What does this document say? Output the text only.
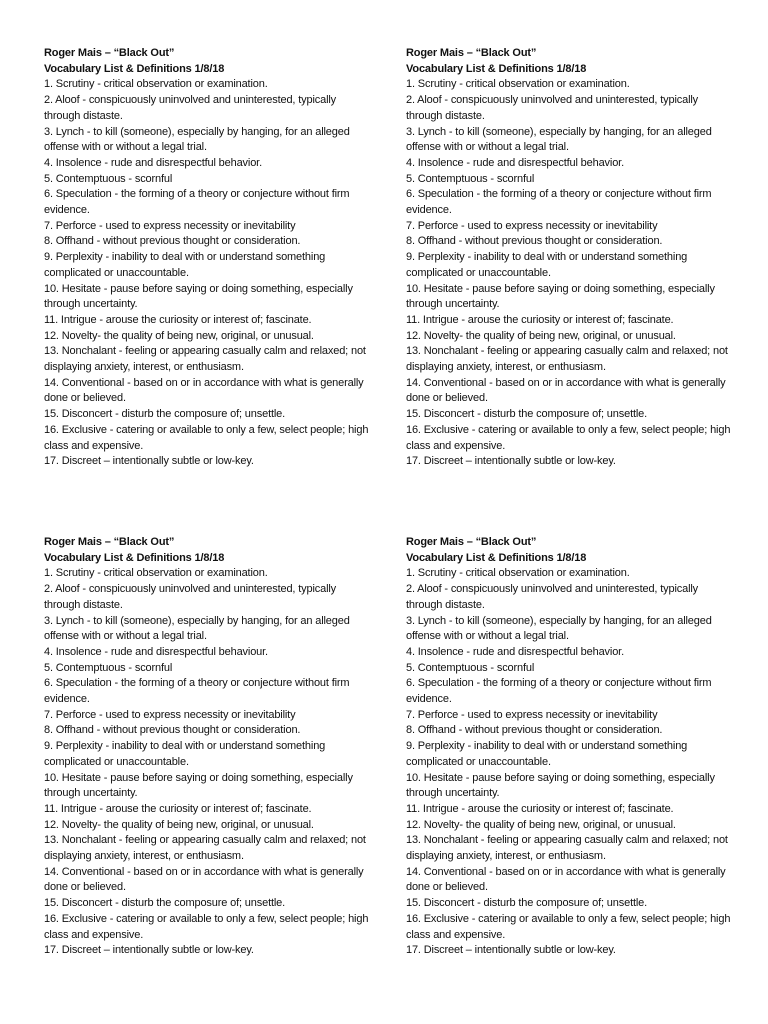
Roger Mais – “Black Out”
Vocabulary List & Definitions 1/8/18
1. Scrutiny - critical observation or examination.
2. Aloof - conspicuously uninvolved and uninterested, typically through distaste.
3. Lynch - to kill (someone), especially by hanging, for an alleged offense with or without a legal trial.
4. Insolence - rude and disrespectful behavior.
5. Contemptuous - scornful
6. Speculation - the forming of a theory or conjecture without firm evidence.
7. Perforce - used to express necessity or inevitability
8. Offhand - without previous thought or consideration.
9. Perplexity - inability to deal with or understand something complicated or unaccountable.
10. Hesitate - pause before saying or doing something, especially through uncertainty.
11. Intrigue - arouse the curiosity or interest of; fascinate.
12. Novelty- the quality of being new, original, or unusual.
13. Nonchalant - feeling or appearing casually calm and relaxed; not displaying anxiety, interest, or enthusiasm.
14. Conventional - based on or in accordance with what is generally done or believed.
15. Disconcert - disturb the composure of; unsettle.
16. Exclusive - catering or available to only a few, select people; high class and expensive.
17. Discreet – intentionally subtle or low-key.
Roger Mais – “Black Out”
Vocabulary List & Definitions 1/8/18
1. Scrutiny - critical observation or examination.
2. Aloof - conspicuously uninvolved and uninterested, typically through distaste.
3. Lynch - to kill (someone), especially by hanging, for an alleged offense with or without a legal trial.
4. Insolence - rude and disrespectful behavior.
5. Contemptuous - scornful
6. Speculation - the forming of a theory or conjecture without firm evidence.
7. Perforce - used to express necessity or inevitability
8. Offhand - without previous thought or consideration.
9. Perplexity - inability to deal with or understand something complicated or unaccountable.
10. Hesitate - pause before saying or doing something, especially through uncertainty.
11. Intrigue - arouse the curiosity or interest of; fascinate.
12. Novelty- the quality of being new, original, or unusual.
13. Nonchalant - feeling or appearing casually calm and relaxed; not displaying anxiety, interest, or enthusiasm.
14. Conventional - based on or in accordance with what is generally done or believed.
15. Disconcert - disturb the composure of; unsettle.
16. Exclusive - catering or available to only a few, select people; high class and expensive.
17. Discreet – intentionally subtle or low-key.
Roger Mais – “Black Out”
Vocabulary List & Definitions 1/8/18
1. Scrutiny - critical observation or examination.
2. Aloof - conspicuously uninvolved and uninterested, typically through distaste.
3. Lynch - to kill (someone), especially by hanging, for an alleged offense with or without a legal trial.
4. Insolence - rude and disrespectful behaviour.
5. Contemptuous - scornful
6. Speculation - the forming of a theory or conjecture without firm evidence.
7. Perforce - used to express necessity or inevitability
8. Offhand - without previous thought or consideration.
9. Perplexity - inability to deal with or understand something complicated or unaccountable.
10. Hesitate - pause before saying or doing something, especially through uncertainty.
11. Intrigue - arouse the curiosity or interest of; fascinate.
12. Novelty- the quality of being new, original, or unusual.
13. Nonchalant - feeling or appearing casually calm and relaxed; not displaying anxiety, interest, or enthusiasm.
14. Conventional - based on or in accordance with what is generally done or believed.
15. Disconcert - disturb the composure of; unsettle.
16. Exclusive - catering or available to only a few, select people; high class and expensive.
17. Discreet – intentionally subtle or low-key.
Roger Mais – “Black Out”
Vocabulary List & Definitions 1/8/18
1. Scrutiny - critical observation or examination.
2. Aloof - conspicuously uninvolved and uninterested, typically through distaste.
3. Lynch - to kill (someone), especially by hanging, for an alleged offense with or without a legal trial.
4. Insolence - rude and disrespectful behavior.
5. Contemptuous - scornful
6. Speculation - the forming of a theory or conjecture without firm evidence.
7. Perforce - used to express necessity or inevitability
8. Offhand - without previous thought or consideration.
9. Perplexity - inability to deal with or understand something complicated or unaccountable.
10. Hesitate - pause before saying or doing something, especially through uncertainty.
11. Intrigue - arouse the curiosity or interest of; fascinate.
12. Novelty- the quality of being new, original, or unusual.
13. Nonchalant - feeling or appearing casually calm and relaxed; not displaying anxiety, interest, or enthusiasm.
14. Conventional - based on or in accordance with what is generally done or believed.
15. Disconcert - disturb the composure of; unsettle.
16. Exclusive - catering or available to only a few, select people; high class and expensive.
17. Discreet – intentionally subtle or low-key.
